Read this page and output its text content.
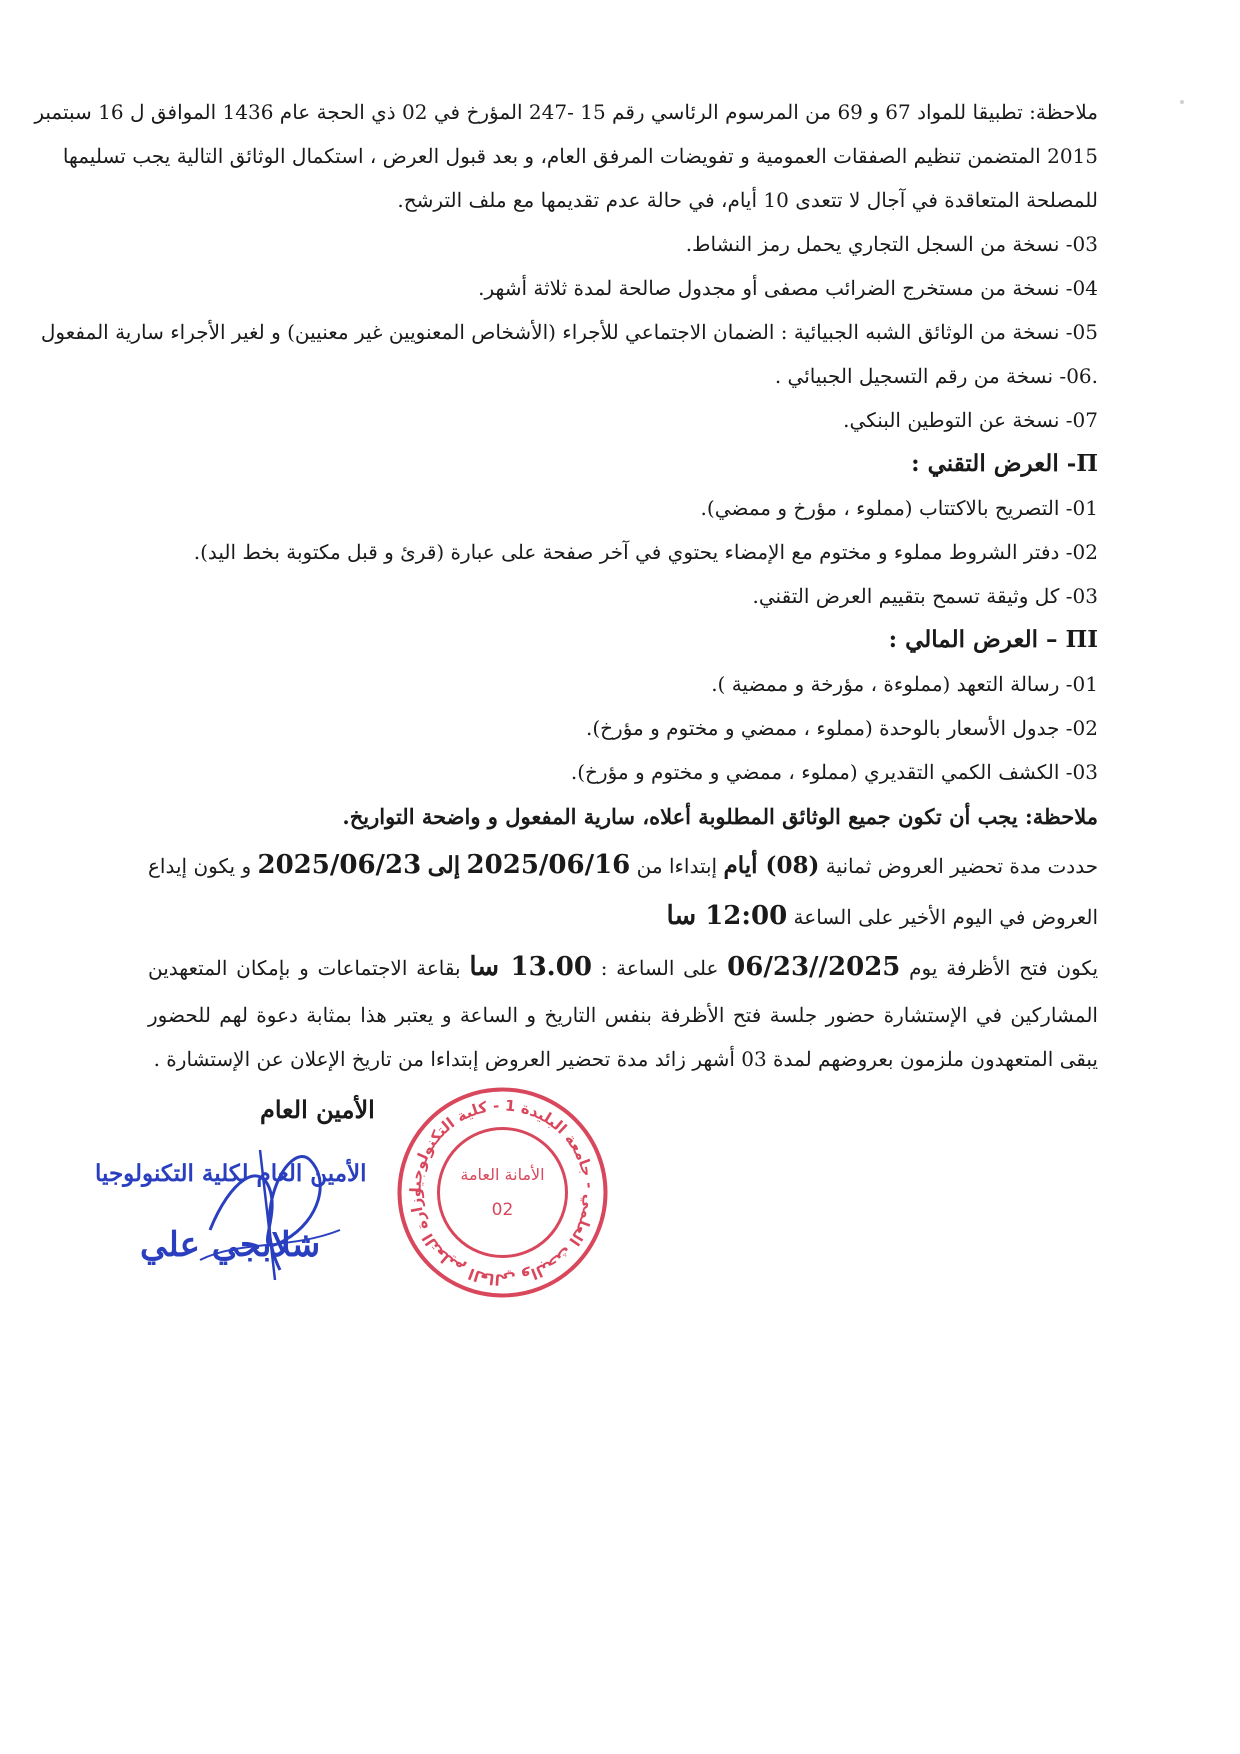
ملاحظة: تطبيقا للمواد 67 و 69 من المرسوم الرئاسي رقم 15 -247 المؤرخ في 02 ذي الحجة عام 1436 الموافق ل 16 سبتمبر

2015 المتضمن تنظيم الصفقات العمومية و تفويضات المرفق العام، و بعد قبول العرض ، استكمال الوثائق التالية يجب تسليمها

للمصلحة المتعاقدة في آجال لا تتعدى 10 أيام، في حالة عدم تقديمها مع ملف الترشح.

03- نسخة من السجل التجاري يحمل رمز النشاط.

04- نسخة من مستخرج الضرائب مصفى أو مجدول صالحة لمدة ثلاثة أشهر.

05- نسخة من الوثائق الشبه الجبيائية : الضمان الاجتماعي للأجراء (الأشخاص المعنويين غير معنيين) و لغير الأجراء سارية المفعول

.06- نسخة من رقم التسجيل الجبيائي .

07- نسخة عن التوطين البنكي.

Π- العرض التقني :

01- التصريح بالاكتتاب (مملوء ، مؤرخ و ممضي).

02- دفتر الشروط مملوء و مختوم مع الإمضاء يحتوي في آخر صفحة على عبارة (قرئ و قبل مكتوبة بخط اليد).

03- كل وثيقة تسمح بتقييم العرض التقني.

ΠΙ – العرض المالي :

01- رسالة التعهد (مملوءة ، مؤرخة و ممضية ).

02- جدول الأسعار بالوحدة (مملوء ، ممضي و مختوم و مؤرخ).

03- الكشف الكمي التقديري (مملوء ، ممضي و مختوم و مؤرخ).

ملاحظة: يجب أن تكون جميع الوثائق المطلوبة أعلاه، سارية المفعول و واضحة التواريخ.

حددت مدة تحضير العروض ثمانية (08) أيام إبتداءا من 2025/06/16 إلى 2025/06/23 و يكون إيداع

العروض في اليوم الأخير على الساعة 12:00 سا

يكون فتح الأظرفة يوم 2025//06/23 على الساعة : 13.00 سا بقاعة الاجتماعات و بإمكان المتعهدين

المشاركين في الإستشارة حضور جلسة فتح الأظرفة بنفس التاريخ و الساعة و يعتبر هذا بمثابة دعوة لهم للحضور

يبقى المتعهدون ملزمون بعروضهم لمدة 03 أشهر زائد مدة تحضير العروض إبتداءا من تاريخ الإعلان عن الإستشارة .

الأمين العام
الأمين العام لكلية التكنولوجيا
شلابجي علي
وزارة التعليم العالي والبحث العلمي - جامعة البليدة 1 - كلية التكنولوجيا
الأمانة العامة
02
